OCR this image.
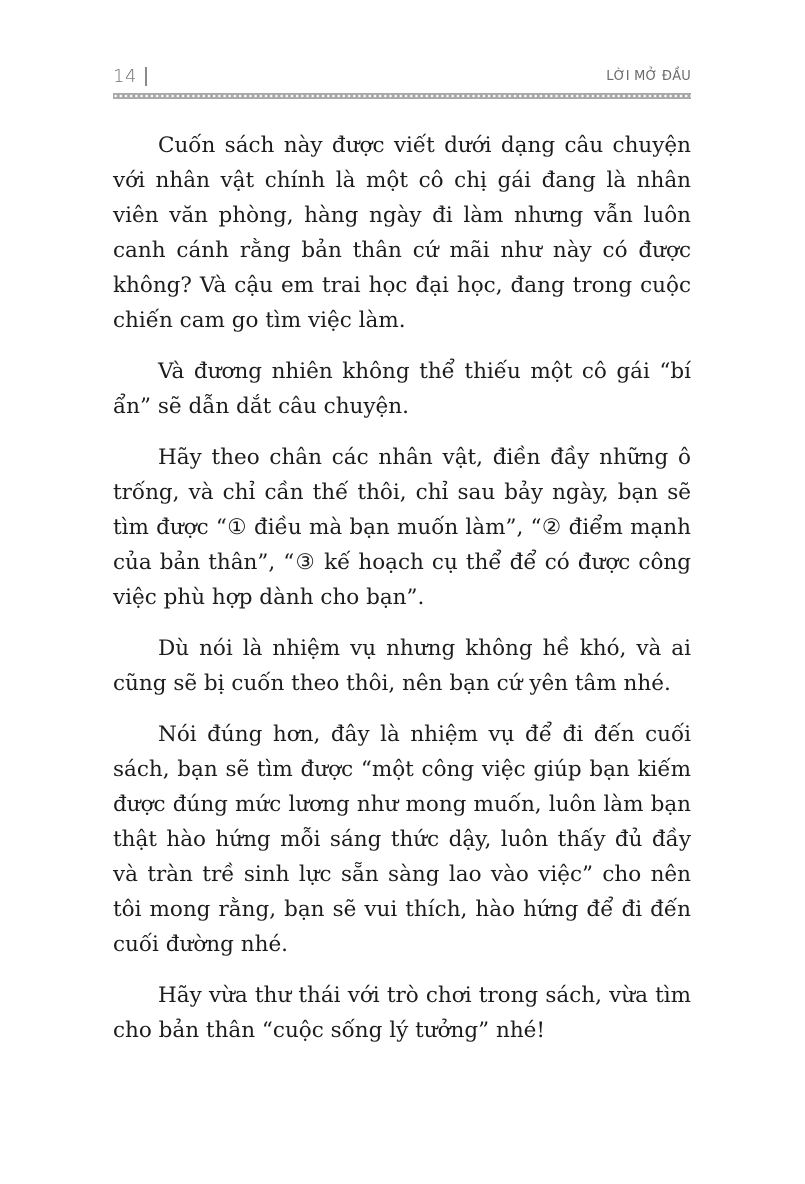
14	LỜI MỞ ĐẦU

Cuốn sách này được viết dưới dạng câu chuyện với nhân vật chính là một cô chị gái đang là nhân viên văn phòng, hàng ngày đi làm nhưng vẫn luôn canh cánh rằng bản thân cứ mãi như này có được không? Và cậu em trai học đại học, đang trong cuộc chiến cam go tìm việc làm.

Và đương nhiên không thể thiếu một cô gái “bí ẩn” sẽ dẫn dắt câu chuyện.

Hãy theo chân các nhân vật, điền đầy những ô trống, và chỉ cần thế thôi, chỉ sau bảy ngày, bạn sẽ tìm được “① điều mà bạn muốn làm”, “② điểm mạnh của bản thân”, “③ kế hoạch cụ thể để có được công việc phù hợp dành cho bạn”.

Dù nói là nhiệm vụ nhưng không hề khó, và ai cũng sẽ bị cuốn theo thôi, nên bạn cứ yên tâm nhé.

Nói đúng hơn, đây là nhiệm vụ để đi đến cuối sách, bạn sẽ tìm được “một công việc giúp bạn kiếm được đúng mức lương như mong muốn, luôn làm bạn thật hào hứng mỗi sáng thức dậy, luôn thấy đủ đầy và tràn trề sinh lực sẵn sàng lao vào việc” cho nên tôi mong rằng, bạn sẽ vui thích, hào hứng để đi đến cuối đường nhé.

Hãy vừa thư thái với trò chơi trong sách, vừa tìm cho bản thân “cuộc sống lý tưởng” nhé!
